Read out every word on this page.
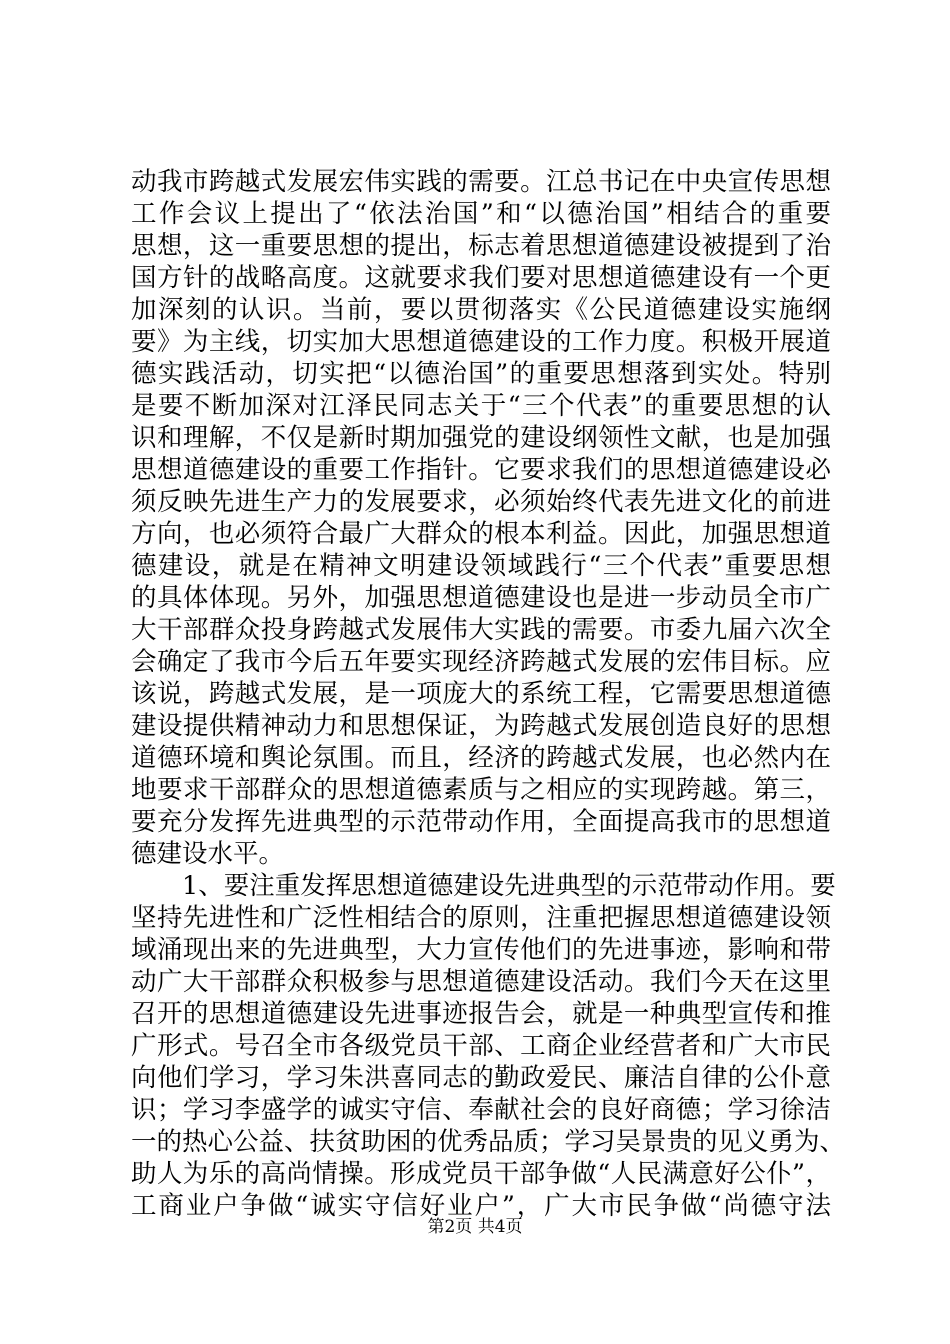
动我市跨越式发展宏伟实践的需要。江总书记在中央宣传思想
工作会议上提出了“依法治国”和“以德治国”相结合的重要
思想，这一重要思想的提出，标志着思想道德建设被提到了治
国方针的战略高度。这就要求我们要对思想道德建设有一个更
加深刻的认识。当前，要以贯彻落实《公民道德建设实施纲
要》为主线，切实加大思想道德建设的工作力度。积极开展道
德实践活动，切实把“以德治国”的重要思想落到实处。特别
是要不断加深对江泽民同志关于“三个代表”的重要思想的认
识和理解，不仅是新时期加强党的建设纲领性文献，也是加强
思想道德建设的重要工作指针。它要求我们的思想道德建设必
须反映先进生产力的发展要求，必须始终代表先进文化的前进
方向，也必须符合最广大群众的根本利益。因此，加强思想道
德建设，就是在精神文明建设领域践行“三个代表”重要思想
的具体体现。另外，加强思想道德建设也是进一步动员全市广
大干部群众投身跨越式发展伟大实践的需要。市委九届六次全
会确定了我市今后五年要实现经济跨越式发展的宏伟目标。应
该说，跨越式发展，是一项庞大的系统工程，它需要思想道德
建设提供精神动力和思想保证，为跨越式发展创造良好的思想
道德环境和舆论氛围。而且，经济的跨越式发展，也必然内在
地要求干部群众的思想道德素质与之相应的实现跨越。第三，
要充分发挥先进典型的示范带动作用，全面提高我市的思想道
德建设水平。
1、要注重发挥思想道德建设先进典型的示范带动作用。要
坚持先进性和广泛性相结合的原则，注重把握思想道德建设领
域涌现出来的先进典型，大力宣传他们的先进事迹，影响和带
动广大干部群众积极参与思想道德建设活动。我们今天在这里
召开的思想道德建设先进事迹报告会，就是一种典型宣传和推
广形式。号召全市各级党员干部、工商企业经营者和广大市民
向他们学习，学习朱洪喜同志的勤政爱民、廉洁自律的公仆意
识；学习李盛学的诚实守信、奉献社会的良好商德；学习徐洁
一的热心公益、扶贫助困的优秀品质；学习吴景贵的见义勇为、
助人为乐的高尚情操。形成党员干部争做“人民满意好公仆”，
工商业户争做“诚实守信好业户”，广大市民争做“尚德守法
第2页 共4页
